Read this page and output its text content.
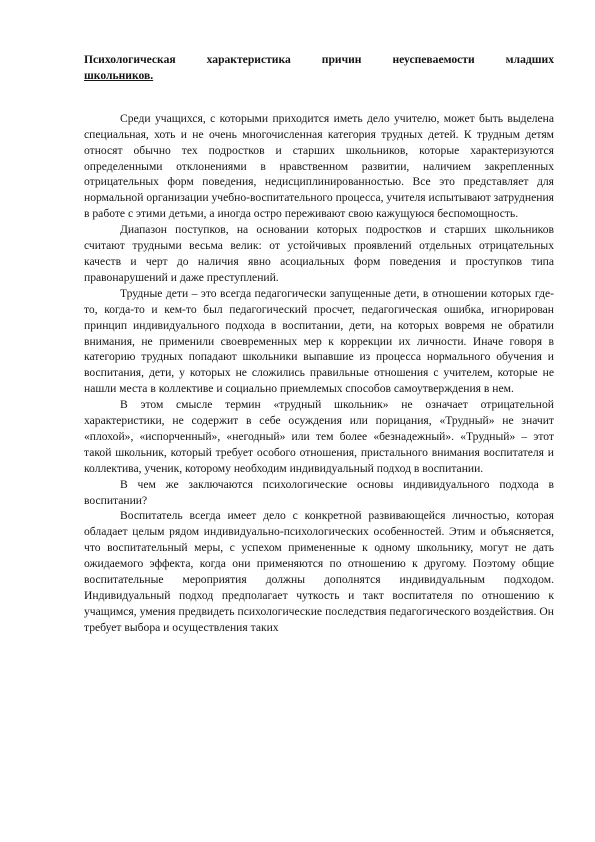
Психологическая характеристика причин неуспеваемости младших
школьников.

Среди учащихся, с которыми приходится иметь дело учителю, может быть выделена специальная, хоть и не очень многочисленная категория трудных детей. К трудным детям относят обычно тех подростков и старших школьников, которые характеризуются определенными отклонениями в нравственном развитии, наличием закрепленных отрицательных форм поведения, недисциплинированностью. Все это представляет для нормальной организации учебно-воспитательного процесса, учителя испытывают затруднения в работе с этими детьми, а иногда остро переживают свою кажущуюся беспомощность.

Диапазон поступков, на основании которых подростков и старших школьников считают трудными весьма велик: от устойчивых проявлений отдельных отрицательных качеств и черт до наличия явно асоциальных форм поведения и проступков типа правонарушений и даже преступлений.

Трудные дети – это всегда педагогически запущенные дети, в отношении которых где-то, когда-то и кем-то был педагогический просчет, педагогическая ошибка, игнорирован принцип индивидуального подхода в воспитании, дети, на которых вовремя не обратили внимания, не применили своевременных мер к коррекции их личности. Иначе говоря в категорию трудных попадают школьники выпавшие из процесса нормального обучения и воспитания, дети, у которых не сложились правильные отношения с учителем, которые не нашли места в коллективе и социально приемлемых способов самоутверждения в нем.

В этом смысле термин «трудный школьник» не означает отрицательной характеристики, не содержит в себе осуждения или порицания, «Трудный» не значит «плохой», «испорченный», «негодный» или тем более «безнадежный». «Трудный» – этот такой школьник, который требует особого отношения, пристального внимания воспитателя и коллектива, ученик, которому необходим индивидуальный подход в воспитании.

В чем же заключаются психологические основы индивидуального подхода в воспитании?

Воспитатель всегда имеет дело с конкретной развивающейся личностью, которая обладает целым рядом индивидуально-психологических особенностей. Этим и объясняется, что воспитательный меры, с успехом примененные к одному школьнику, могут не дать ожидаемого эффекта, когда они применяются по отношению к другому. Поэтому общие воспитательные мероприятия должны дополнятся индивидуальным подходом. Индивидуальный подход предполагает чуткость и такт воспитателя по отношению к учащимся, умения предвидеть психологические последствия педагогического воздействия. Он требует выбора и осуществления таких
